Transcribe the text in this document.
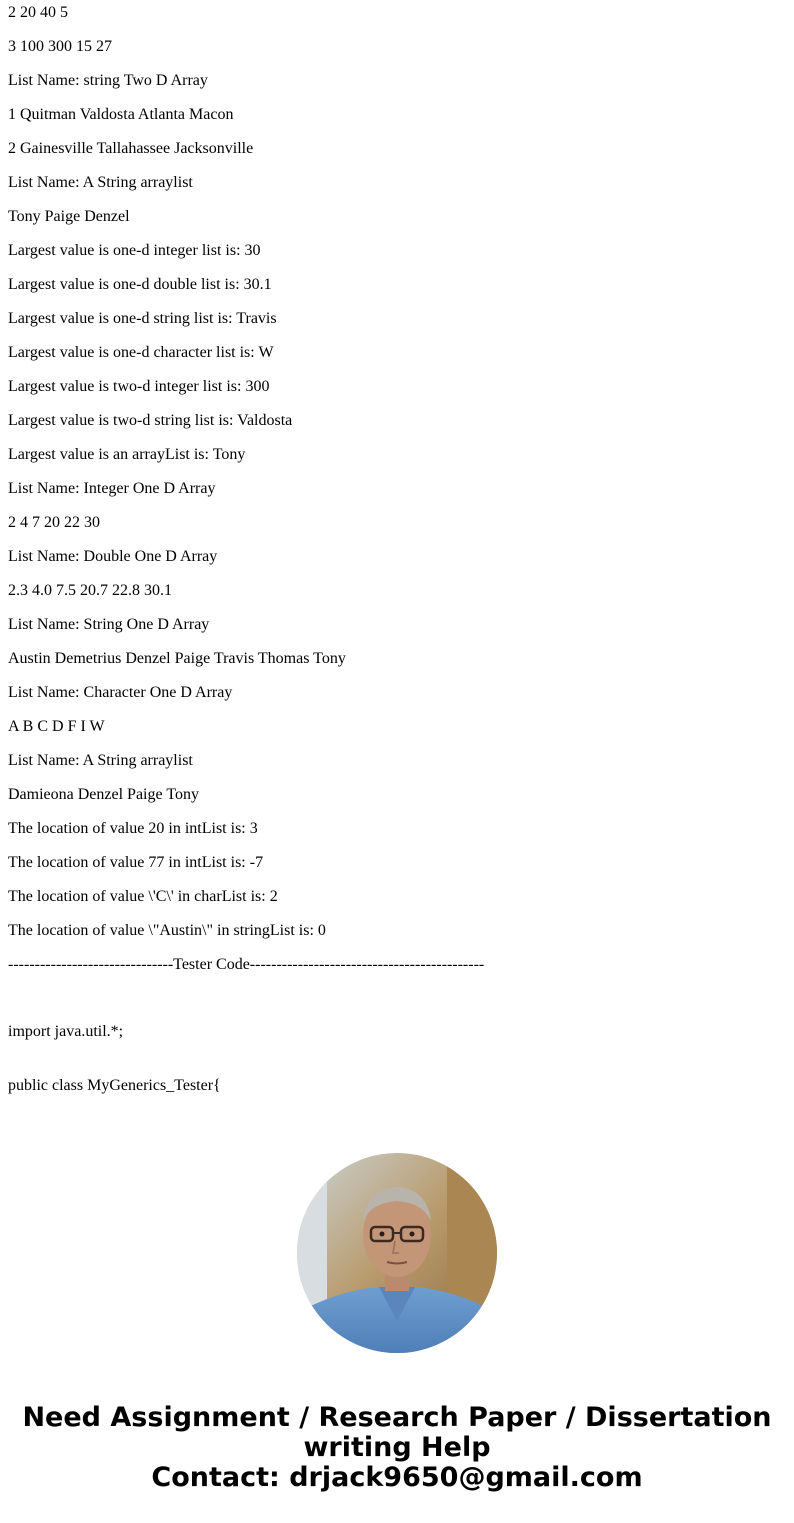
2 20 40 5
3 100 300 15 27
List Name: string Two D Array
1 Quitman Valdosta Atlanta Macon
2 Gainesville Tallahassee Jacksonville
List Name: A String arraylist
Tony Paige Denzel
Largest value is one-d integer list is: 30
Largest value is one-d double list is: 30.1
Largest value is one-d string list is: Travis
Largest value is one-d character list is: W
Largest value is two-d integer list is: 300
Largest value is two-d string list is: Valdosta
Largest value is an arrayList is: Tony
List Name: Integer One D Array
2 4 7 20 22 30
List Name: Double One D Array
2.3 4.0 7.5 20.7 22.8 30.1
List Name: String One D Array
Austin Demetrius Denzel Paige Travis Thomas Tony
List Name: Character One D Array
A B C D F I W
List Name: A String arraylist
Damieona Denzel Paige Tony
The location of value 20 in intList is: 3
The location of value 77 in intList is: -7
The location of value \'C\' in charList is: 2
The location of value \"Austin\" in stringList is: 0
-------------------------------Tester Code--------------------------------------------

import java.util.*;

public class MyGenerics_Tester{

Need Assignment / Research Paper / Dissertation
writing Help
Contact: drjack9650@gmail.com
